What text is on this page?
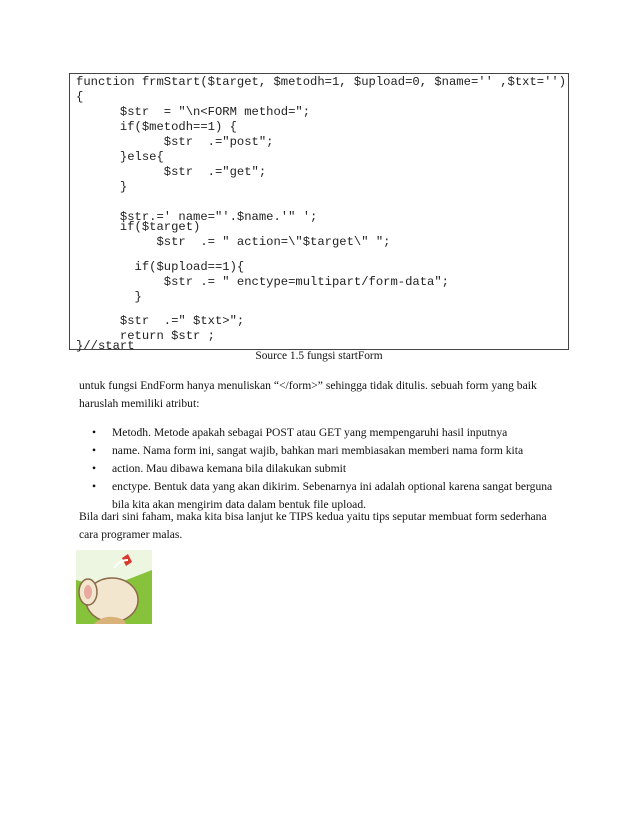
function frmStart($target, $metodh=1, $upload=0, $name='' ,$txt='')
{
$str  = "\n<FORM method=";
if($metodh==1) {
$str  .="post";
}else{
$str  .="get";
}
$str.=' name="'.$name.'" ';
if($target)
$str  .= " action=\"$target\" ";
if($upload==1){
$str .= " enctype=multipart/form-data";
}
$str  .=" $txt>";
return $str ;
}//start
Source 1.5 fungsi startForm
untuk fungsi EndForm hanya menuliskan “</form>” sehingga tidak ditulis. sebuah form yang baik haruslah memiliki atribut:
• Metodh. Metode apakah sebagai POST atau GET yang mempengaruhi hasil inputnya
• name. Nama form ini, sangat wajib, bahkan mari membiasakan memberi nama form kita
• action. Mau dibawa kemana bila dilakukan submit
• enctype. Bentuk data yang akan dikirim. Sebenarnya ini adalah optional karena sangat berguna bila kita akan mengirim data dalam bentuk file upload.
Bila dari sini faham, maka kita bisa lanjut ke TIPS kedua yaitu tips seputar membuat form sederhana cara programer malas.
